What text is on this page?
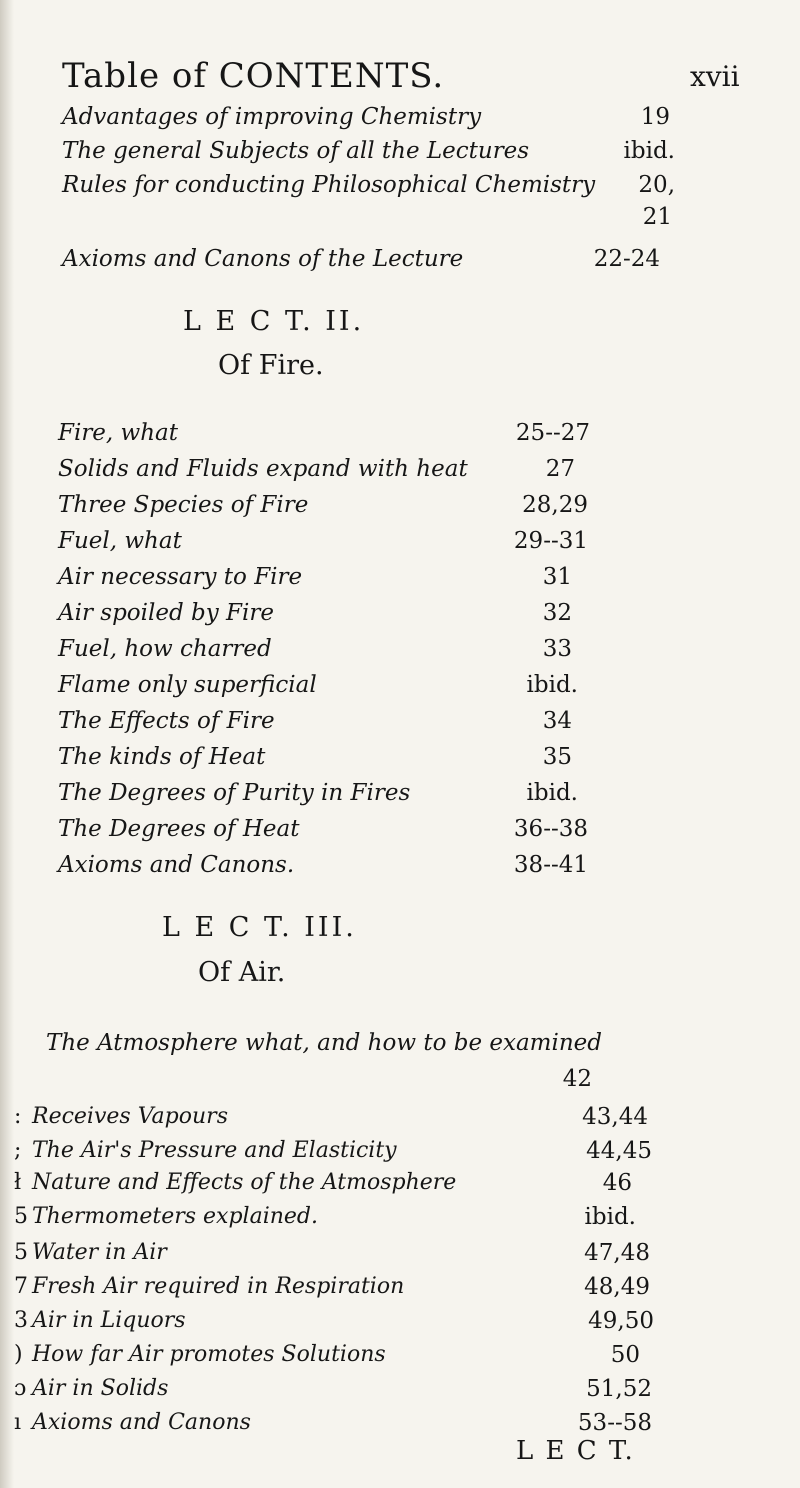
Table of CONTENTS.	xvii
Advantages of improving Chemistry	19
The general Subjects of all the Lectures	ibid.
Rules for conducting Philosophical Chemistry 20,
21
Axioms and Canons of the Lecture	22-24
L E C T. II.
Of Fire.
Fire, what	25--27
Solids and Fluids expand with heat	27
Three Species of Fire	28,29
Fuel, what	29--31
Air necessary to Fire	31
Air spoiled by Fire	32
Fuel, how charred	33
Flame only superficial	ibid.
The Effects of Fire	34
The kinds of Heat	35
The Degrees of Purity in Fires	ibid.
The Degrees of Heat	36--38
Axioms and Canons.	38--41
L E C T. III.
Of Air.
The Atmosphere what, and how to be examined
42
: Receives Vapours	43,44
; The Air's Pressure and Elasticity	44,45
ł Nature and Effects of the Atmosphere	46
5 Thermometers explained.	ibid.
5 Water in Air	47,48
7 Fresh Air required in Respiration	48,49
3 Air in Liquors	49,50
) How far Air promotes Solutions	50
ɔ Air in Solids	51,52
ı Axioms and Canons	53--58
L E C T.
